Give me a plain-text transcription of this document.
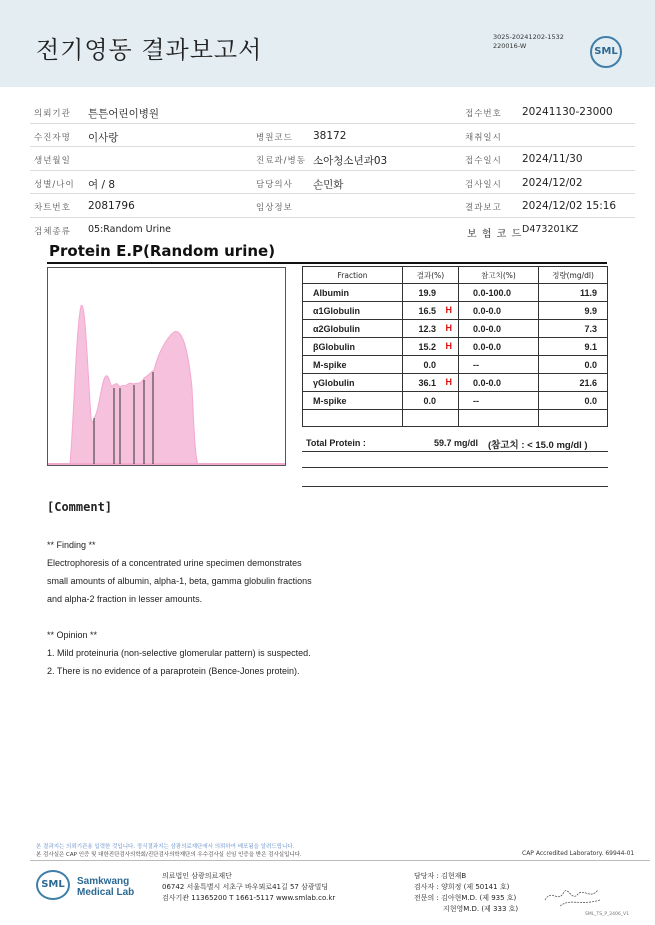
전기영동 결과보고서	3025-20241202-1532
220016-W	SML
의뢰기관 튼튼어린이병원	접수번호 20241130-23000
수진자명 이사랑	병원코드 38172	채취일시
생년월일	진료과/병동 소아청소년과03	접수일시 2024/11/30
성별/나이 여 / 8	담당의사 손민화	검사일시 2024/12/02
차트번호 2081796	임상정보	결과보고 2024/12/02 15:16
검체종류 05:Random Urine	보 험 코 드 D473201KZ
Protein E.P(Random urine)
Fraction	결과(%)	참고치(%)	정량(mg/dl)
Albumin	19.9	0.0-100.0	11.9
α1Globulin	16.5 H	0.0-0.0	9.9
α2Globulin	12.3 H	0.0-0.0	7.3
βGlobulin	15.2 H	0.0-0.0	9.1
M-spike	0.0	--	0.0
γGlobulin	36.1 H	0.0-0.0	21.6
M-spike	0.0	--	0.0

Total Protein :	59.7 mg/dl (참고치 : < 15.0 mg/dl )
[Comment]

** Finding **

Electrophoresis of a concentrated urine specimen demonstrates

small amounts of albumin, alpha-1, beta, gamma globulin fractions

and alpha-2 fraction in lesser amounts.

** Opinion **

1. Mild proteinuria (non-selective glomerular pattern) is suspected.

2. There is no evidence of a paraprotein (Bence-Jones protein).

본 결과지는 의뢰기관용 입력한 것입니다. 정식결과지는 삼광의료재단에서 의뢰하여 배포됨을 알려드립니다.
본 검사실은 CAP 인증 및 대한진단검사의학회/진단검사의학재단의 우수검사실 신임 인증을 받은 검사실입니다.	CAP Accredited Laboratory. 69944-01
SML	Samkwang
Medical Lab
의료법인 삼광의료재단
06742 서울특별시 서초구 바우뫼로41길 57 삼광빌딩
검사기관 11365200 T 1661-5117 www.smlab.co.kr
담당자 : 김현재B
검사자 : 양희정 (제 50141 호)
전문의 : 김아현M.D. (제 935 호)
지현영M.D. (제 333 호)
SML_TS_P_2406_V1
